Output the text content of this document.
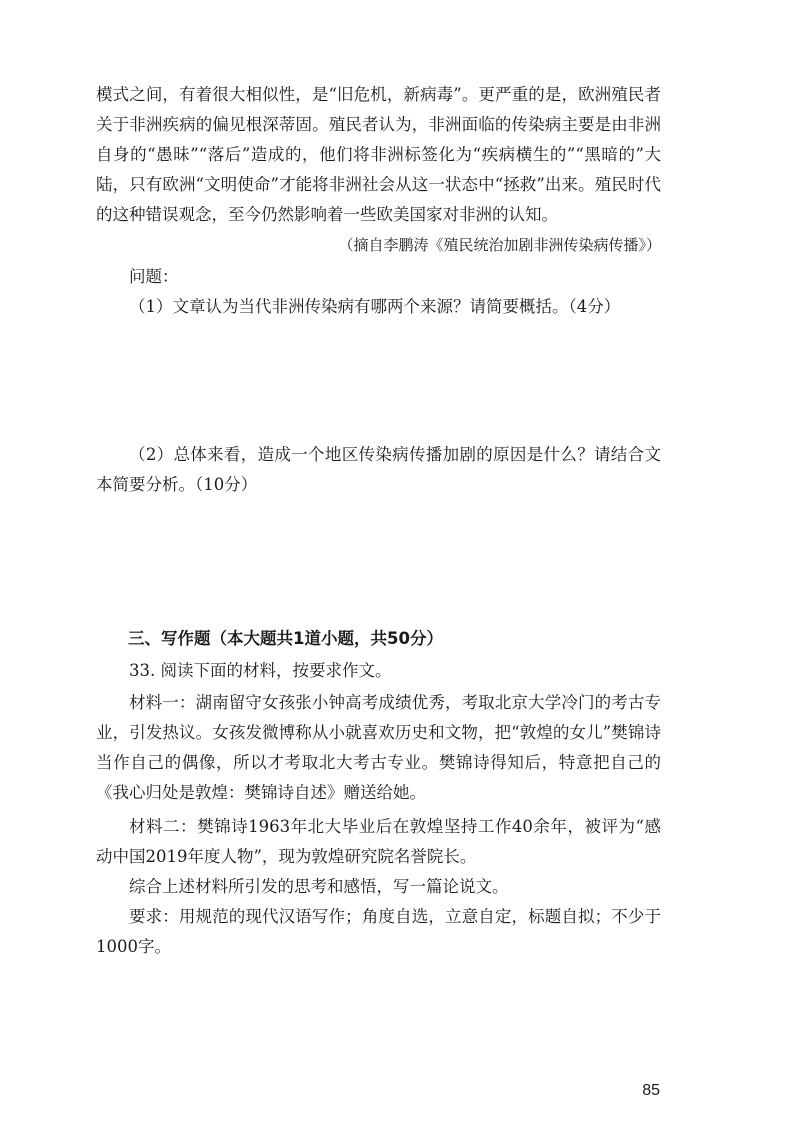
模式之间，有着很大相似性，是“旧危机，新病毒”。更严重的是，欧洲殖民者关于非洲疾病的偏见根深蒂固。殖民者认为，非洲面临的传染病主要是由非洲自身的“愚昧”“落后”造成的，他们将非洲标签化为“疾病横生的”“黑暗的”大陆，只有欧洲“文明使命”才能将非洲社会从这一状态中“拯救”出来。殖民时代的这种错误观念，至今仍然影响着一些欧美国家对非洲的认知。

（摘自李鹏涛《殖民统治加剧非洲传染病传播》）

问题：

（1）文章认为当代非洲传染病有哪两个来源？请简要概括。（4分）

（2）总体来看，造成一个地区传染病传播加剧的原因是什么？请结合文本简要分析。（10分）

三、写作题（本大题共1道小题，共50分）

33. 阅读下面的材料，按要求作文。

材料一：湖南留守女孩张小钟高考成绩优秀，考取北京大学冷门的考古专业，引发热议。女孩发微博称从小就喜欢历史和文物，把“敦煌的女儿”樊锦诗当作自己的偶像，所以才考取北大考古专业。樊锦诗得知后，特意把自己的《我心归处是敦煌：樊锦诗自述》赠送给她。

材料二：樊锦诗1963年北大毕业后在敦煌坚持工作40余年，被评为“感动中国2019年度人物”，现为敦煌研究院名誉院长。

综合上述材料所引发的思考和感悟，写一篇论说文。

要求：用规范的现代汉语写作；角度自选，立意自定，标题自拟；不少于1000字。

85
